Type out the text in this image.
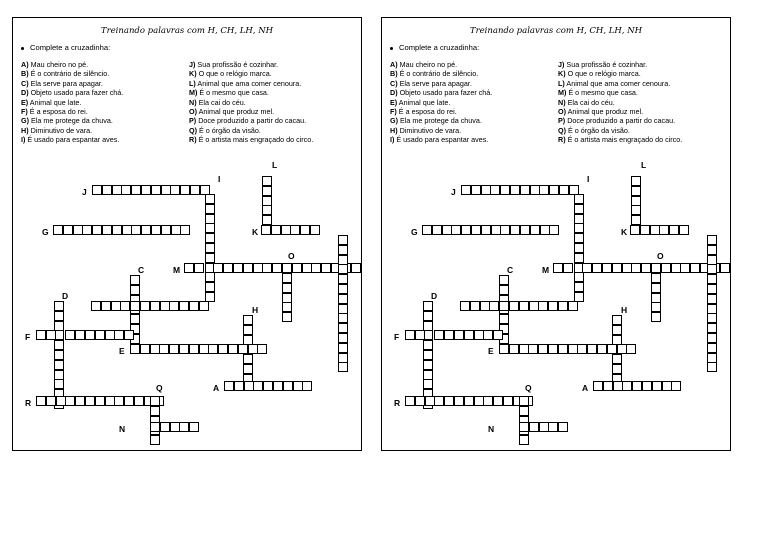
Treinando palavras com H, CH, LH, NH
Complete a cruzadinha:
A) Mau cheiro no pé.
B) É o contrário de silêncio.
C) Ela serve para apagar.
D) Objeto usado para fazer chá.
E) Animal que late.
F) É a esposa do rei.
G) Ela me protege da chuva.
H) Diminutivo de vara.
I) É usado para espantar aves.
J) Sua profissão é cozinhar.
K) O que o relógio marca.
L) Animal que ama comer cenoura.
M) É o mesmo que casa.
N) Ela cai do céu.
O) Animal que produz mel.
P) Doce produzido a partir do cacau.
Q) É o órgão da visão.
R) É o artista mais engraçado do circo.
L
I
J
G	K
O
C	M
D
H
F
E
Q	A
R
N
Treinando palavras com H, CH, LH, NH
Complete a cruzadinha:
A) Mau cheiro no pé.
B) É o contrário de silêncio.
C) Ela serve para apagar.
D) Objeto usado para fazer chá.
E) Animal que late.
F) É a esposa do rei.
G) Ela me protege da chuva.
H) Diminutivo de vara.
I) É usado para espantar aves.
J) Sua profissão é cozinhar.
K) O que o relógio marca.
L) Animal que ama comer cenoura.
M) É o mesmo que casa.
N) Ela cai do céu.
O) Animal que produz mel.
P) Doce produzido a partir do cacau.
Q) É o órgão da visão.
R) É o artista mais engraçado do circo.
L
I
J
G	K
O
C	M
D
H
F
E
Q	A
R
N
